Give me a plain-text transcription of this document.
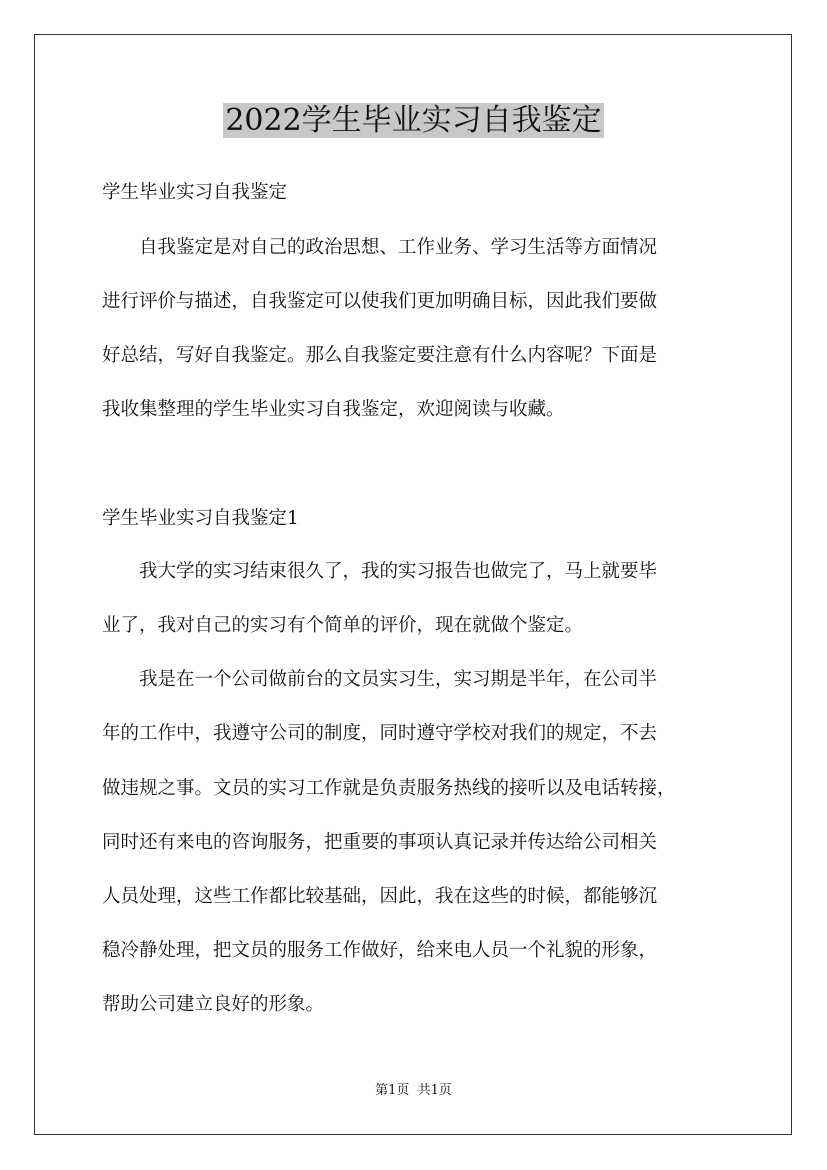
2022学生毕业实习自我鉴定

学生毕业实习自我鉴定

　　自我鉴定是对自己的政治思想、工作业务、学习生活等方面情况

进行评价与描述，自我鉴定可以使我们更加明确目标，因此我们要做

好总结，写好自我鉴定。那么自我鉴定要注意有什么内容呢？下面是

我收集整理的学生毕业实习自我鉴定，欢迎阅读与收藏。

学生毕业实习自我鉴定1

　　我大学的实习结束很久了，我的实习报告也做完了，马上就要毕

业了，我对自己的实习有个简单的评价，现在就做个鉴定。

　　我是在一个公司做前台的文员实习生，实习期是半年，在公司半

年的工作中，我遵守公司的制度，同时遵守学校对我们的规定，不去

做违规之事。文员的实习工作就是负责服务热线的接听以及电话转接，

同时还有来电的咨询服务，把重要的事项认真记录并传达给公司相关

人员处理，这些工作都比较基础，因此，我在这些的时候，都能够沉

稳冷静处理，把文员的服务工作做好，给来电人员一个礼貌的形象，

帮助公司建立良好的形象。

第1页  共1页
